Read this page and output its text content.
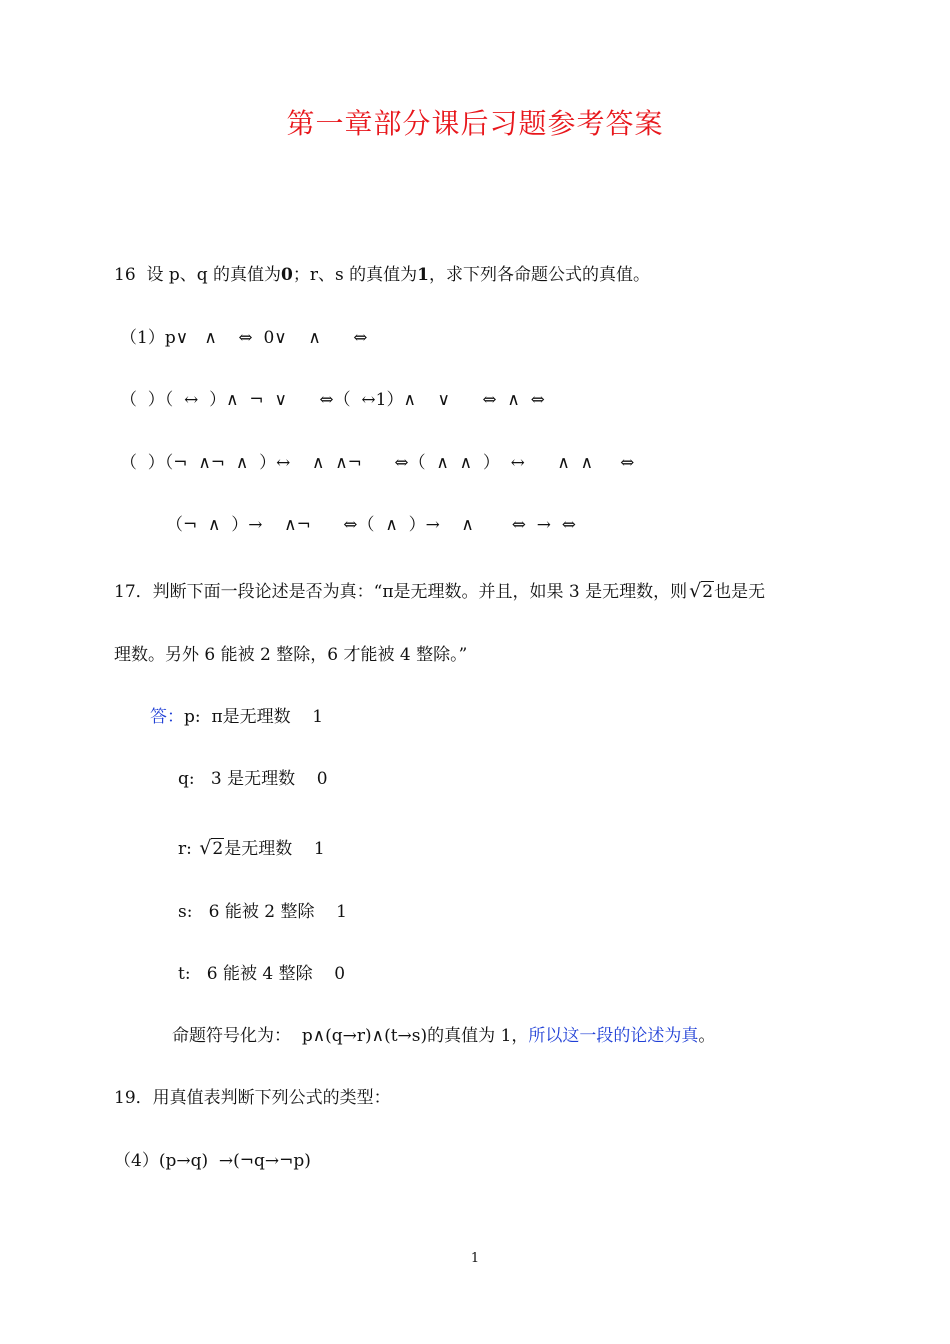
第一章部分课后习题参考答案
16 设 p、q 的真值为0；r、s 的真值为1，求下列各命题公式的真值。
（1）p∨   ∧    ⇔  0∨    ∧      ⇔
（  ）（  ↔  ）∧  ¬  ∨      ⇔（  ↔1）∧    ∨      ⇔  ∧  ⇔
（  ）（¬  ∧¬  ∧  ）↔    ∧  ∧¬      ⇔（  ∧  ∧  ）  ↔      ∧  ∧     ⇔
（¬  ∧  ）→    ∧¬      ⇔（  ∧  ）→    ∧       ⇔  →  ⇔
17．判断下面一段论述是否为真：“π是无理数。并且，如果 3 是无理数，则 √2也是无
理数。另外 6 能被 2 整除，6 才能被 4 整除。”
答：p: π是无理数 1
q: 3 是无理数 0
r: √2是无理数 1
s: 6 能被 2 整除 1
t: 6 能被 4 整除 0
命题符号化为： p∧(q→r)∧(t→s)的真值为 1，所以这一段的论述为真。
19．用真值表判断下列公式的类型：
（4）(p→q)  →(¬q→¬p)
1
